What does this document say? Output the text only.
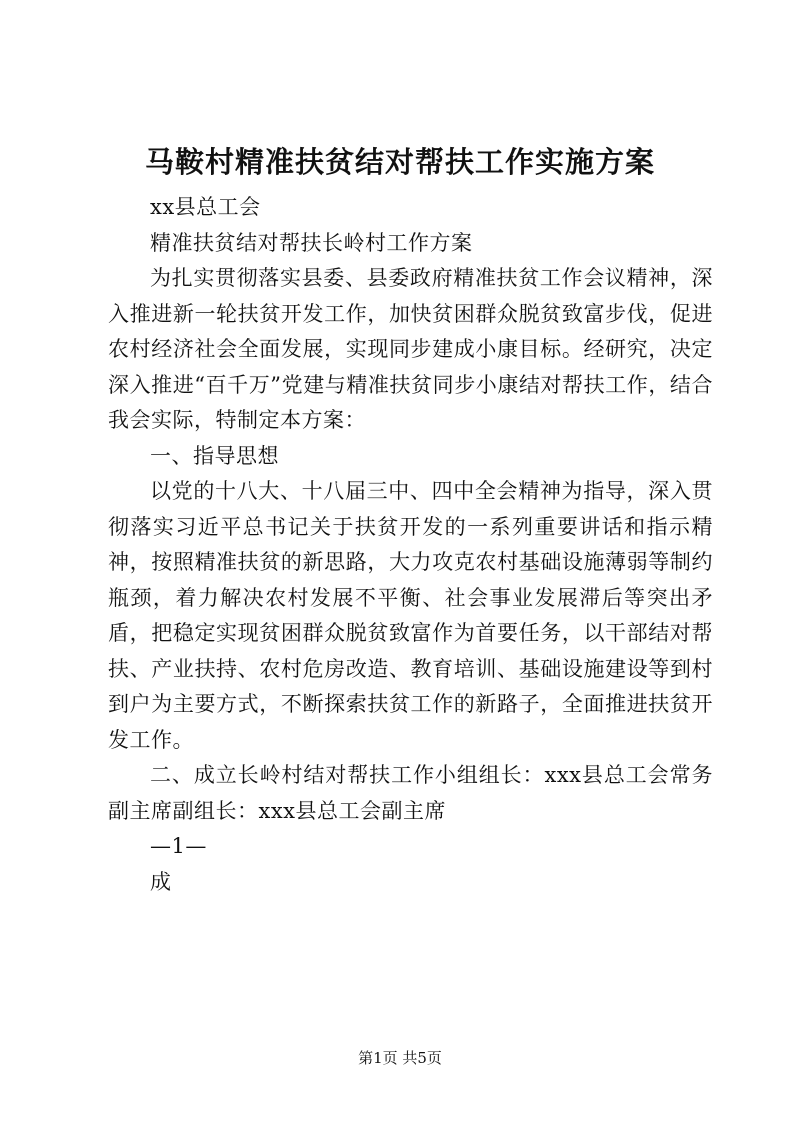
马鞍村精准扶贫结对帮扶工作实施方案

xx县总工会

精准扶贫结对帮扶长岭村工作方案

为扎实贯彻落实县委、县委政府精准扶贫工作会议精神，深入推进新一轮扶贫开发工作，加快贫困群众脱贫致富步伐，促进农村经济社会全面发展，实现同步建成小康目标。经研究，决定深入推进“百千万”党建与精准扶贫同步小康结对帮扶工作，结合我会实际，特制定本方案：

一、指导思想

以党的十八大、十八届三中、四中全会精神为指导，深入贯彻落实习近平总书记关于扶贫开发的一系列重要讲话和指示精神，按照精准扶贫的新思路，大力攻克农村基础设施薄弱等制约瓶颈，着力解决农村发展不平衡、社会事业发展滞后等突出矛盾，把稳定实现贫困群众脱贫致富作为首要任务，以干部结对帮扶、产业扶持、农村危房改造、教育培训、基础设施建设等到村到户为主要方式，不断探索扶贫工作的新路子，全面推进扶贫开发工作。

二、成立长岭村结对帮扶工作小组组长：xxx县总工会常务副主席副组长：xxx县总工会副主席

—1—

成

第1页 共5页
